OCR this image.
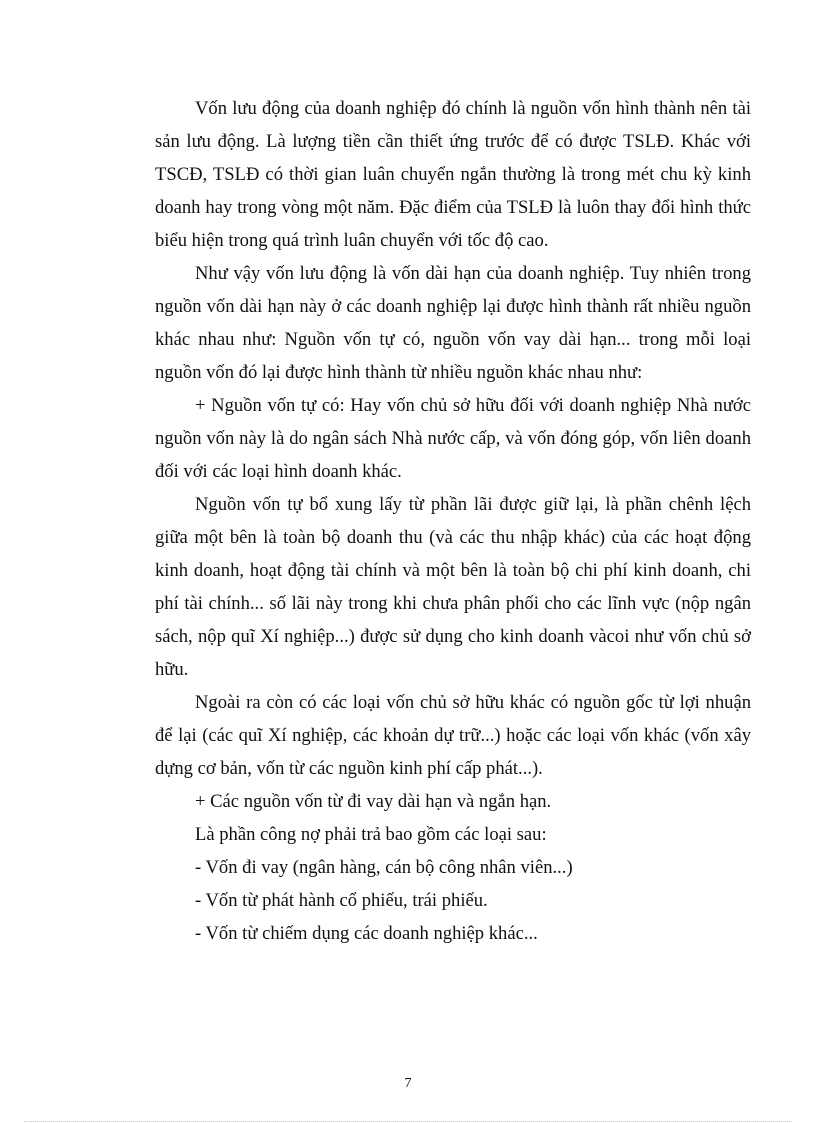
Vốn lưu động của doanh nghiệp đó chính là nguồn vốn hình thành nên tài sản lưu động. Là lượng tiền cần thiết ứng trước để có được TSLĐ. Khác với TSCĐ, TSLĐ có thời gian luân chuyển ngắn thường là trong mét chu kỳ kinh doanh hay trong vòng một năm. Đặc điểm của TSLĐ là luôn thay đổi hình thức biểu hiện trong quá trình luân chuyển với tốc độ cao.

Như vậy vốn lưu động là vốn dài hạn của doanh nghiệp. Tuy nhiên trong nguồn vốn dài hạn này ở các doanh nghiệp lại được hình thành rất nhiều nguồn khác nhau như: Nguồn vốn tự có, nguồn vốn vay dài hạn... trong mỗi loại nguồn vốn đó lại được hình thành từ nhiều nguồn khác nhau như:

+ Nguồn vốn tự có: Hay vốn chủ sở hữu đối với doanh nghiệp Nhà nước nguồn vốn này là do ngân sách Nhà nước cấp, và vốn đóng góp, vốn liên doanh đối với các loại hình doanh khác.

Nguồn vốn tự bổ xung lấy từ phần lãi được giữ lại, là phần chênh lệch giữa một bên là toàn bộ doanh thu (và các thu nhập khác) của các hoạt động kinh doanh, hoạt động tài chính và một bên là toàn bộ chi phí kinh doanh, chi phí tài chính... số lãi này trong khi chưa phân phối cho các lĩnh vực (nộp ngân sách, nộp quĩ Xí nghiệp...) được sử dụng cho kinh doanh vàcoi như vốn chủ sở hữu.

Ngoài ra còn có các loại vốn chủ sở hữu khác có nguồn gốc từ lợi nhuận để lại (các quĩ Xí nghiệp, các khoản dự trữ...) hoặc các loại vốn khác (vốn xây dựng cơ bản, vốn từ các nguồn kinh phí cấp phát...).

+ Các nguồn vốn từ đi vay dài hạn và ngắn hạn.

Là phần công nợ phải trả bao gồm các loại sau:

- Vốn đi vay (ngân hàng, cán bộ công nhân viên...)

- Vốn từ phát hành cổ phiếu, trái phiếu.

- Vốn từ chiếm dụng các doanh nghiệp khác...

7
